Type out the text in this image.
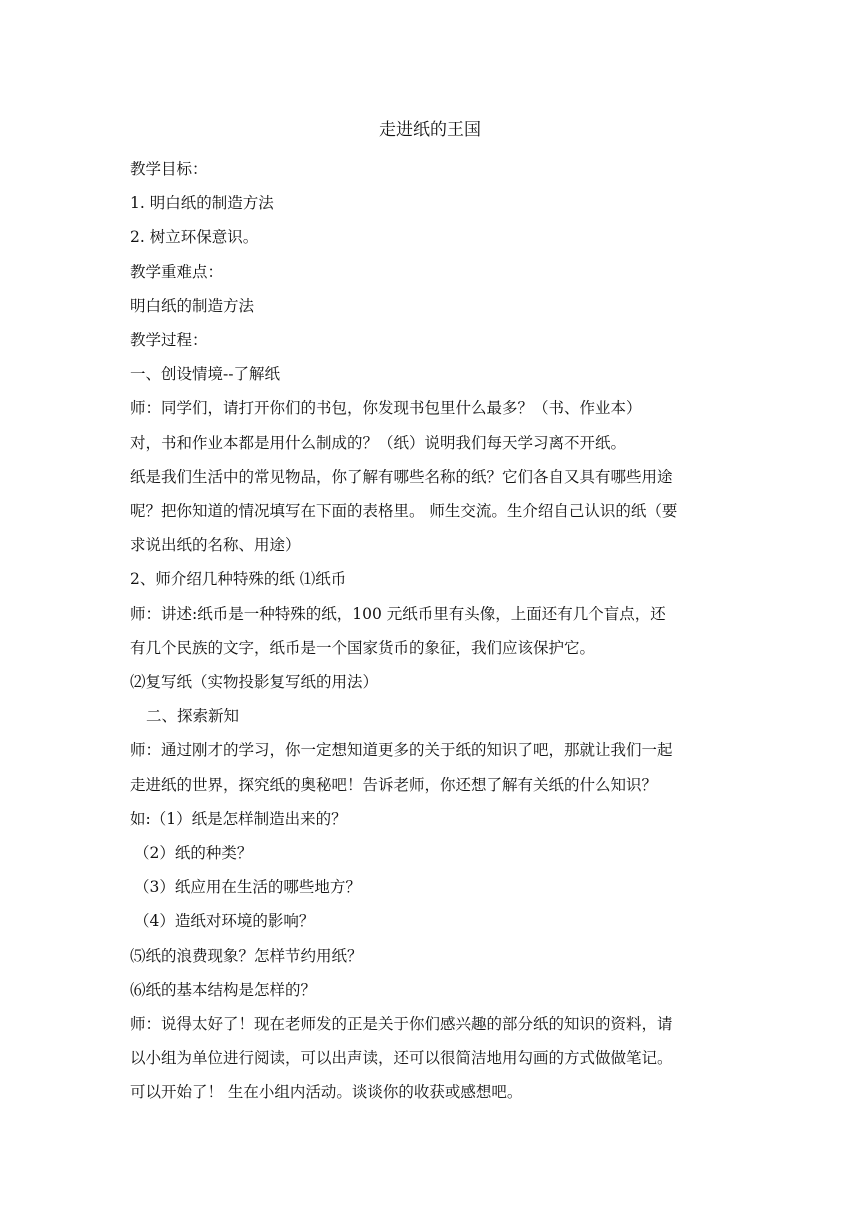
走进纸的王国

教学目标：

1. 明白纸的制造方法

2. 树立环保意识。

教学重难点：

明白纸的制造方法

教学过程：

一、创设情境--了解纸

师：同学们，请打开你们的书包，你发现书包里什么最多？（书、作业本）

对，书和作业本都是用什么制成的？（纸）说明我们每天学习离不开纸。

纸是我们生活中的常见物品，你了解有哪些名称的纸？它们各自又具有哪些用途

呢？把你知道的情况填写在下面的表格里。 师生交流。生介绍自己认识的纸（要

求说出纸的名称、用途）

2、师介绍几种特殊的纸 ⑴纸币

师：讲述:纸币是一种特殊的纸，100 元纸币里有头像，上面还有几个盲点，还

有几个民族的文字，纸币是一个国家货币的象征，我们应该保护它。

⑵复写纸（实物投影复写纸的用法）

二、探索新知

师：通过刚才的学习，你一定想知道更多的关于纸的知识了吧，那就让我们一起

走进纸的世界，探究纸的奥秘吧！告诉老师，你还想了解有关纸的什么知识？

如:（1）纸是怎样制造出来的？

（2）纸的种类？

（3）纸应用在生活的哪些地方？

（4）造纸对环境的影响？

⑸纸的浪费现象？怎样节约用纸？

⑹纸的基本结构是怎样的？

师：说得太好了！现在老师发的正是关于你们感兴趣的部分纸的知识的资料，请

以小组为单位进行阅读，可以出声读，还可以很简洁地用勾画的方式做做笔记。

可以开始了！ 生在小组内活动。谈谈你的收获或感想吧。
